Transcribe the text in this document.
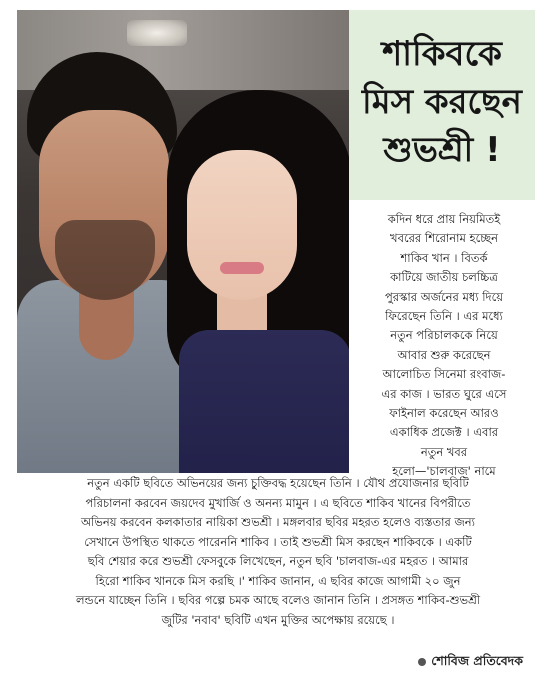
শাকিবকে
মিস করছেন
শুভশ্রী !
কদিন ধরে প্রায় নিয়মিতই
খবরের শিরোনাম হচ্ছেন
শাকিব খান । বিতর্ক
কাটিয়ে জাতীয় চলচ্চিত্র
পুরস্কার অর্জনের মধ্য দিয়ে
ফিরেছেন তিনি । এর মধ্যে
নতুন পরিচালককে নিয়ে
আবার শুরু করেছেন
আলোচিত সিনেমা রংবাজ-
এর কাজ । ভারত ঘুরে এসে
ফাইনাল করেছেন আরও
একাধিক প্রজেক্ট । এবার
নতুন খবর
হলো—'চালবাজ' নামে
নতুন একটি ছবিতে অভিনয়ের জন্য চুক্তিবদ্ধ হয়েছেন তিনি । যৌথ প্রযোজনার ছবিটি
পরিচালনা করবেন জয়দেব মুখার্জি ও অনন্য মামুন । এ ছবিতে শাকিব খানের বিপরীতে
অভিনয় করবেন কলকাতার নায়িকা শুভশ্রী । মঙ্গলবার ছবির মহরত হলেও ব্যস্ততার জন্য
সেখানে উপস্থিত থাকতে পারেননি শাকিব । তাই শুভশ্রী মিস করছেন শাকিবকে । একটি
ছবি শেয়ার করে শুভশ্রী ফেসবুকে লিখেছেন, নতুন ছবি 'চালবাজ-এর মহরত । আমার
হিরো শাকিব খানকে মিস করছি ।' শাকিব জানান, এ ছবির কাজে আগামী ২০ জুন
লন্ডনে যাচ্ছেন তিনি । ছবির গল্পে চমক আছে বলেও জানান তিনি । প্রসঙ্গত শাকিব-শুভশ্রী
জুটির 'নবাব' ছবিটি এখন মুক্তির অপেক্ষায় রয়েছে ।
শোবিজ প্রতিবেদক
